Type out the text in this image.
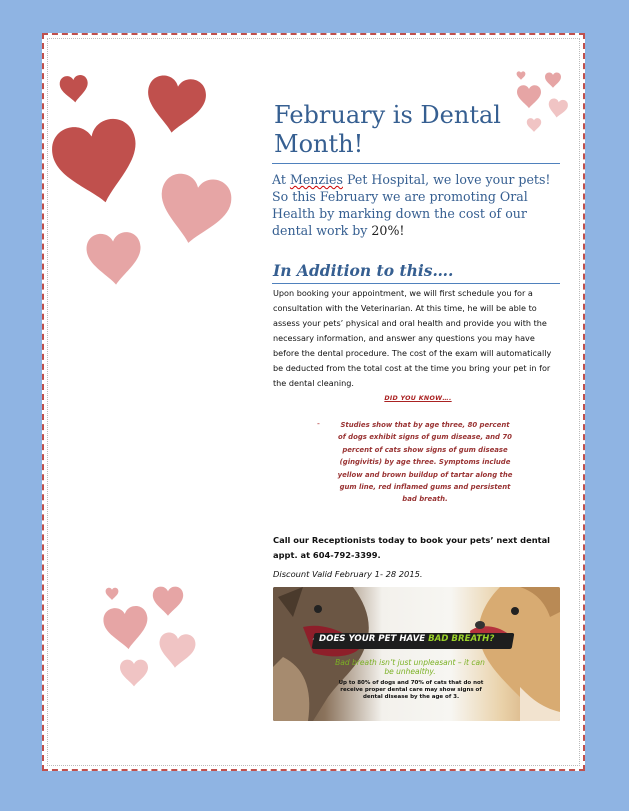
February is Dental Month!
At Menzies Pet Hospital, we love your pets! So this February we are promoting Oral Health by marking down the cost of our dental work by 20%!
In Addition to this….
Upon booking your appointment, we will first schedule you for a consultation with the Veterinarian. At this time, he will be able to assess your pets’ physical and oral health and provide you with the necessary information, and answer any questions you may have before the dental procedure. The cost of the exam will automatically be deducted from the total cost at the time you bring your pet in for the dental cleaning.
DID YOU KNOW….
-	Studies show that by age three, 80 percent of dogs exhibit signs of gum disease, and 70 percent of cats show signs of gum disease (gingivitis) by age three. Symptoms include yellow and brown buildup of tartar along the gum line, red inflamed gums and persistent bad breath.
Call our Receptionists today to book your pets’ next dental appt. at 604-792-3399.
Discount Valid February 1- 28 2015.
DOES YOUR PET HAVE BAD BREATH?
Bad breath isn’t just unpleasant – it can be unhealthy.
Up to 80% of dogs and 70% of cats that do not receive proper dental care may show signs of dental disease by the age of 3.
